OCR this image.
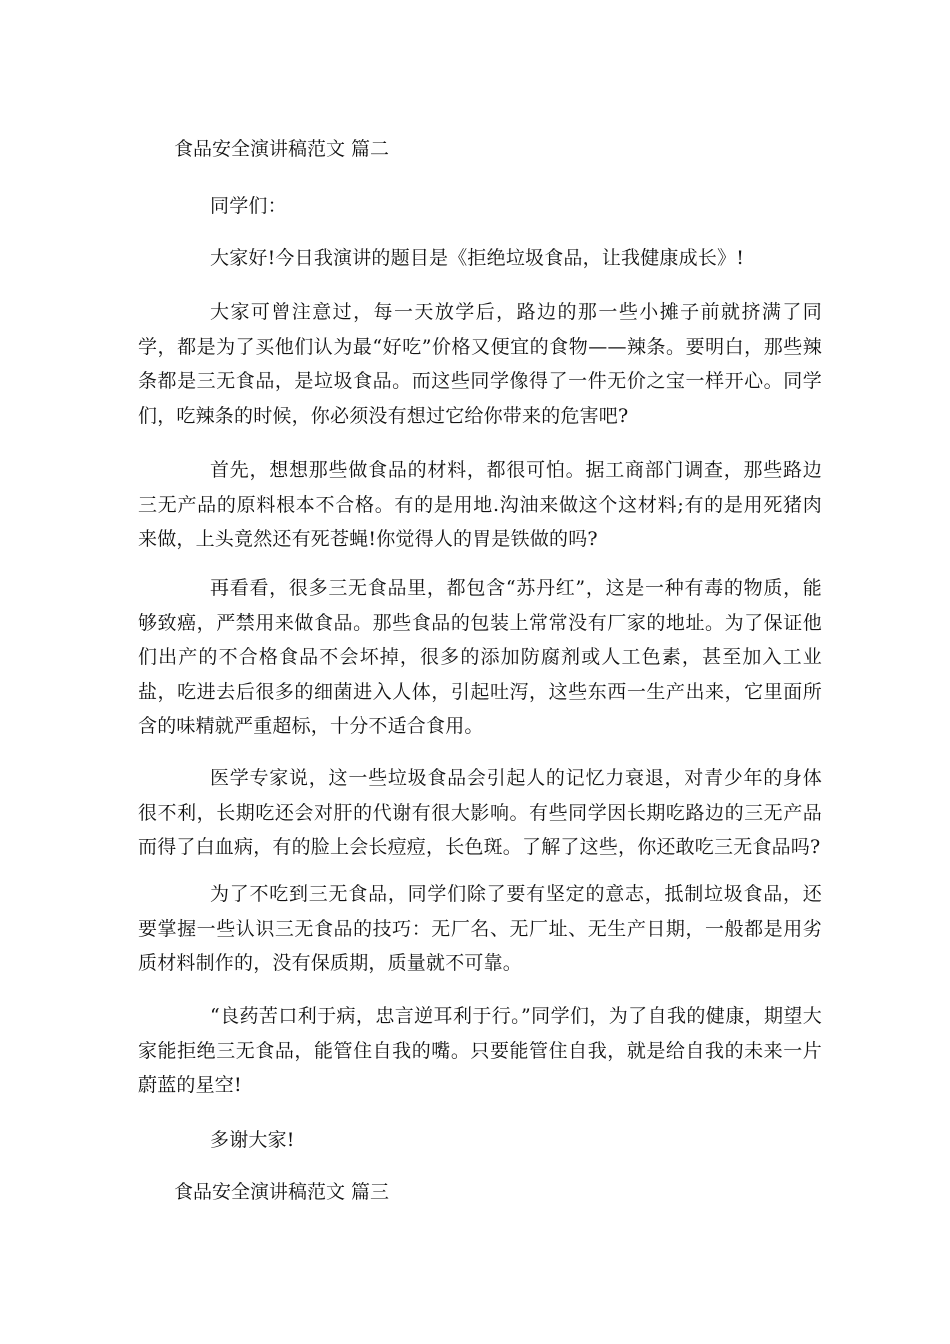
食品安全演讲稿范文 篇二

同学们：

大家好!今日我演讲的题目是《拒绝垃圾食品，让我健康成长》!

大家可曾注意过，每一天放学后，路边的那一些小摊子前就挤满了同学，都是为了买他们认为最“好吃”价格又便宜的食物——辣条。要明白，那些辣条都是三无食品，是垃圾食品。而这些同学像得了一件无价之宝一样开心。同学们，吃辣条的时候，你必须没有想过它给你带来的危害吧?

首先，想想那些做食品的材料，都很可怕。据工商部门调查，那些路边三无产品的原料根本不合格。有的是用地.沟油来做这个这材料;有的是用死猪肉来做，上头竟然还有死苍蝇!你觉得人的胃是铁做的吗?

再看看，很多三无食品里，都包含“苏丹红”，这是一种有毒的物质，能够致癌，严禁用来做食品。那些食品的包装上常常没有厂家的地址。为了保证他们出产的不合格食品不会坏掉，很多的添加防腐剂或人工色素，甚至加入工业盐，吃进去后很多的细菌进入人体，引起吐泻，这些东西一生产出来，它里面所含的味精就严重超标，十分不适合食用。

医学专家说，这一些垃圾食品会引起人的记忆力衰退，对青少年的身体很不利，长期吃还会对肝的代谢有很大影响。有些同学因长期吃路边的三无产品而得了白血病，有的脸上会长痘痘，长色斑。了解了这些，你还敢吃三无食品吗?

为了不吃到三无食品，同学们除了要有坚定的意志，抵制垃圾食品，还要掌握一些认识三无食品的技巧：无厂名、无厂址、无生产日期，一般都是用劣质材料制作的，没有保质期，质量就不可靠。

“良药苦口利于病，忠言逆耳利于行。”同学们，为了自我的健康，期望大家能拒绝三无食品，能管住自我的嘴。只要能管住自我，就是给自我的未来一片蔚蓝的星空!

多谢大家!

食品安全演讲稿范文 篇三
